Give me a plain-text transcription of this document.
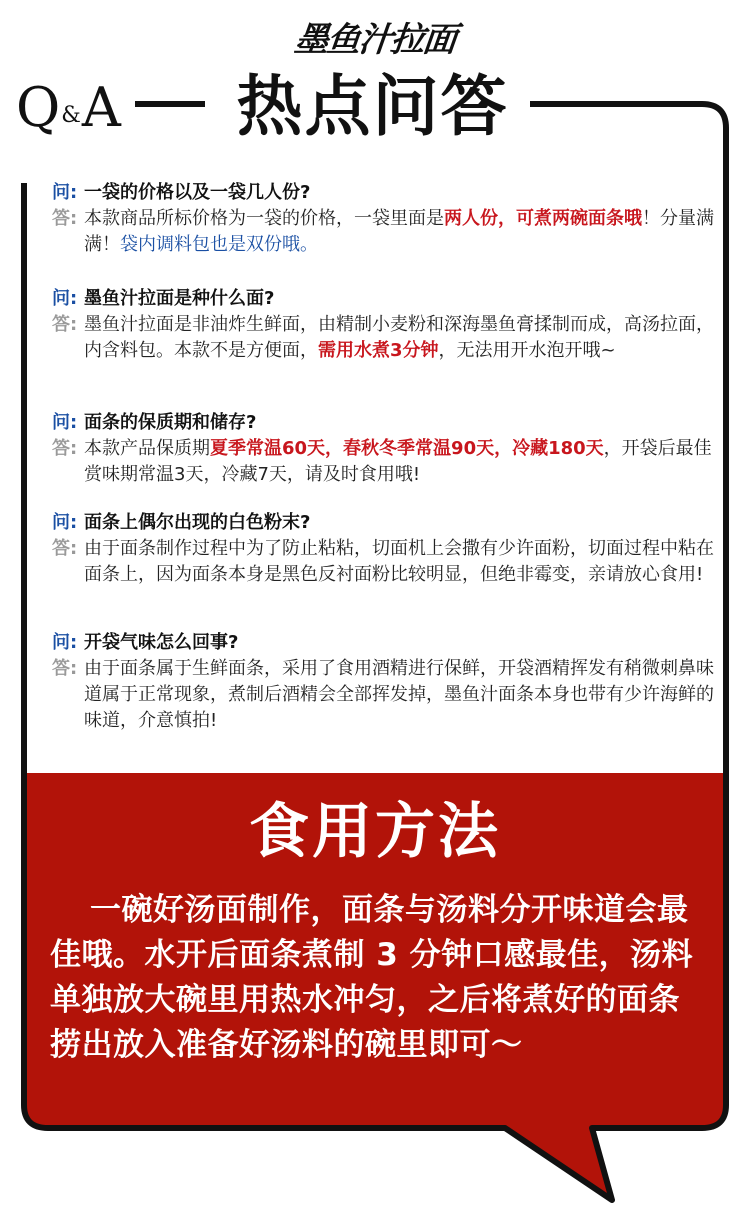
墨鱼汁拉面
Q&A 热点问答
问: 一袋的价格以及一袋几人份?
答: 本款商品所标价格为一袋的价格，一袋里面是两人份，可煮两碗面条哦！分量满满！袋内调料包也是双份哦。
问: 墨鱼汁拉面是种什么面?
答: 墨鱼汁拉面是非油炸生鲜面，由精制小麦粉和深海墨鱼膏揉制而成，高汤拉面，内含料包。本款不是方便面，需用水煮3分钟，无法用开水泡开哦~
问: 面条的保质期和储存?
答: 本款产品保质期夏季常温60天，春秋冬季常温90天，冷藏180天，开袋后最佳赏味期常温3天，冷藏7天，请及时食用哦!
问: 面条上偶尔出现的白色粉末?
答: 由于面条制作过程中为了防止粘粘，切面机上会撒有少许面粉，切面过程中粘在面条上，因为面条本身是黑色反衬面粉比较明显，但绝非霉变，亲请放心食用!
问: 开袋气味怎么回事?
答: 由于面条属于生鲜面条，采用了食用酒精进行保鲜，开袋酒精挥发有稍微刺鼻味道属于正常现象，煮制后酒精会全部挥发掉，墨鱼汁面条本身也带有少许海鲜的味道，介意慎拍!
食用方法
一碗好汤面制作，面条与汤料分开味道会最佳哦。水开后面条煮制 3 分钟口感最佳，汤料单独放大碗里用热水冲匀，之后将煮好的面条捞出放入准备好汤料的碗里即可～
